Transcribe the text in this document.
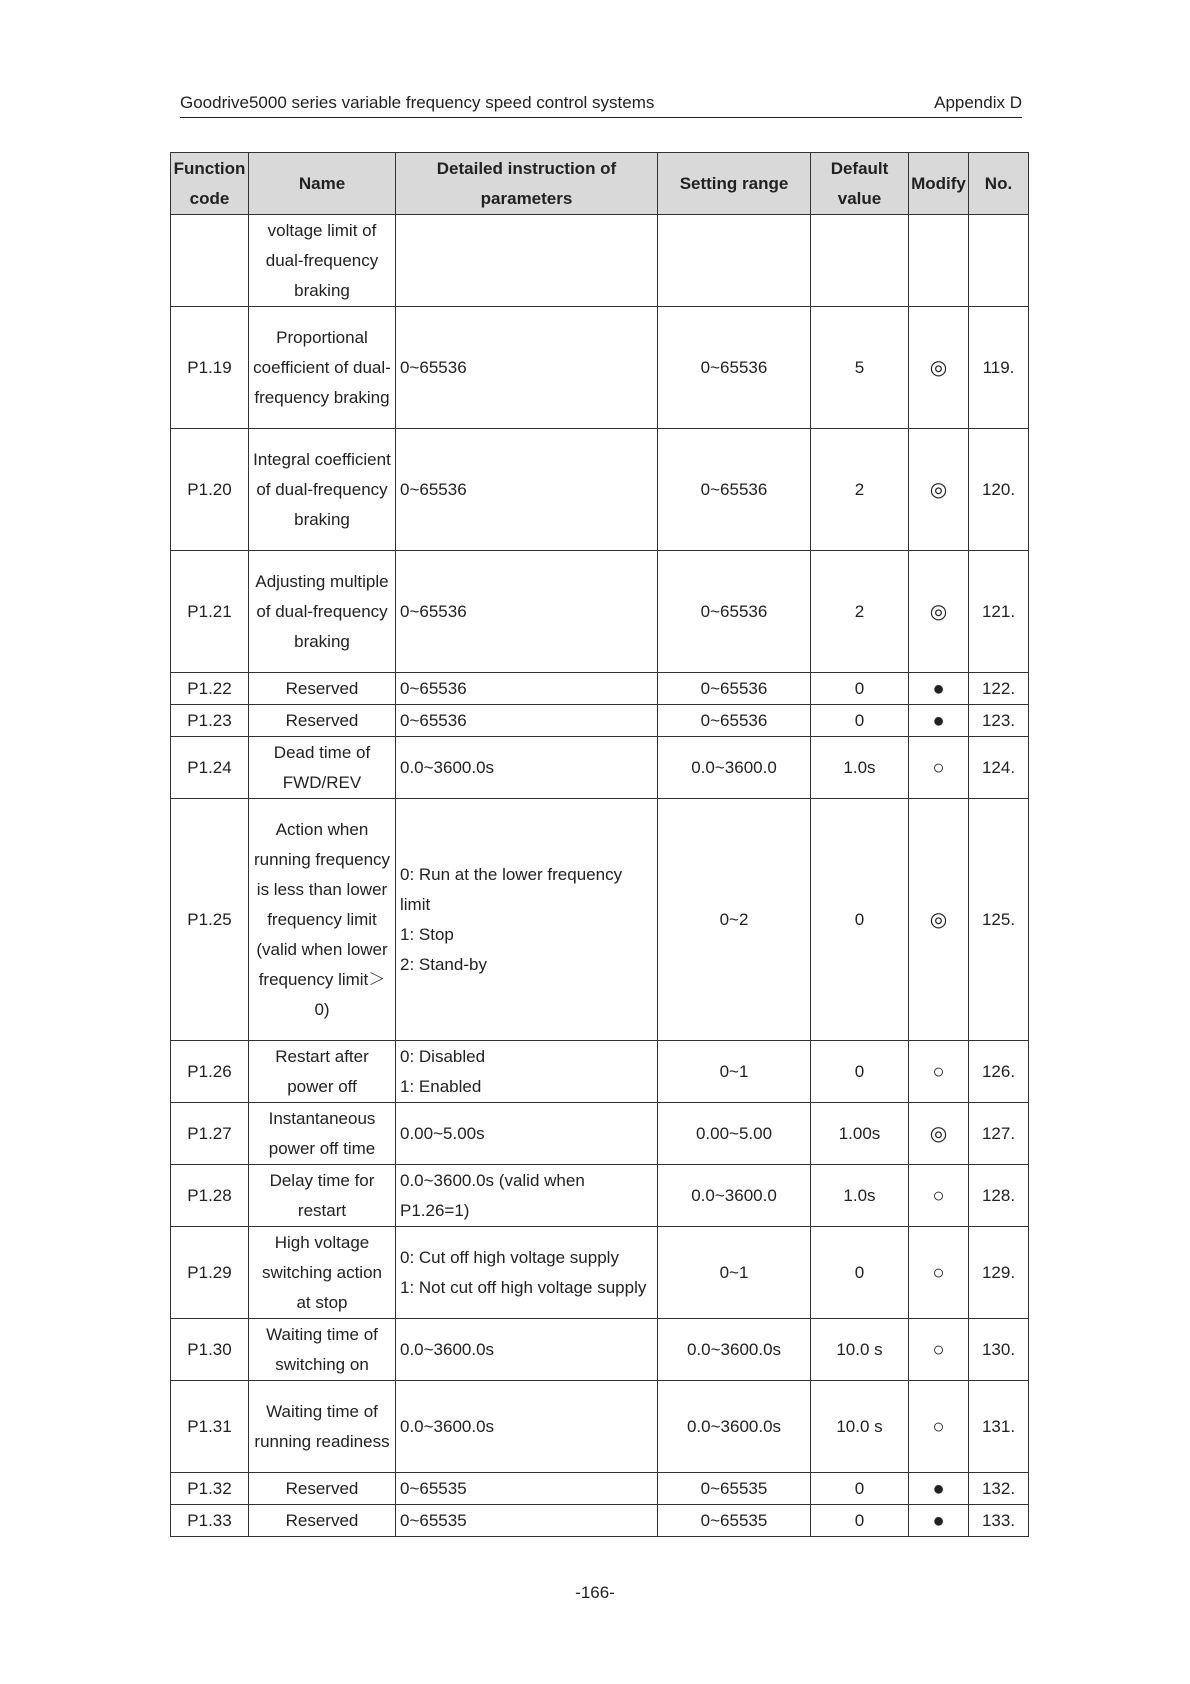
Goodrive5000 series variable frequency speed control systems	Appendix D
Function code	Name	Detailed instruction of parameters	Setting range	Default value	Modify	No.
	voltage limit of dual-frequency braking					
P1.19	Proportional coefficient of dual-frequency braking	0~65536	0~65536	5	◎	119.
P1.20	Integral coefficient of dual-frequency braking	0~65536	0~65536	2	◎	120.
P1.21	Adjusting multiple of dual-frequency braking	0~65536	0~65536	2	◎	121.
P1.22	Reserved	0~65536	0~65536	0	●	122.
P1.23	Reserved	0~65536	0~65536	0	●	123.
P1.24	Dead time of FWD/REV	0.0~3600.0s	0.0~3600.0	1.0s	○	124.
P1.25	Action when running frequency is less than lower frequency limit (valid when lower frequency limit＞0)	0: Run at the lower frequency limit
1: Stop
2: Stand-by	0~2	0	◎	125.
P1.26	Restart after power off	0: Disabled
1: Enabled	0~1	0	○	126.
P1.27	Instantaneous power off time	0.00~5.00s	0.00~5.00	1.00s	◎	127.
P1.28	Delay time for restart	0.0~3600.0s (valid when P1.26=1)	0.0~3600.0	1.0s	○	128.
P1.29	High voltage switching action at stop	0: Cut off high voltage supply
1: Not cut off high voltage supply	0~1	0	○	129.
P1.30	Waiting time of switching on	0.0~3600.0s	0.0~3600.0s	10.0 s	○	130.
P1.31	Waiting time of running readiness	0.0~3600.0s	0.0~3600.0s	10.0 s	○	131.
P1.32	Reserved	0~65535	0~65535	0	●	132.
P1.33	Reserved	0~65535	0~65535	0	●	133.
-166-
